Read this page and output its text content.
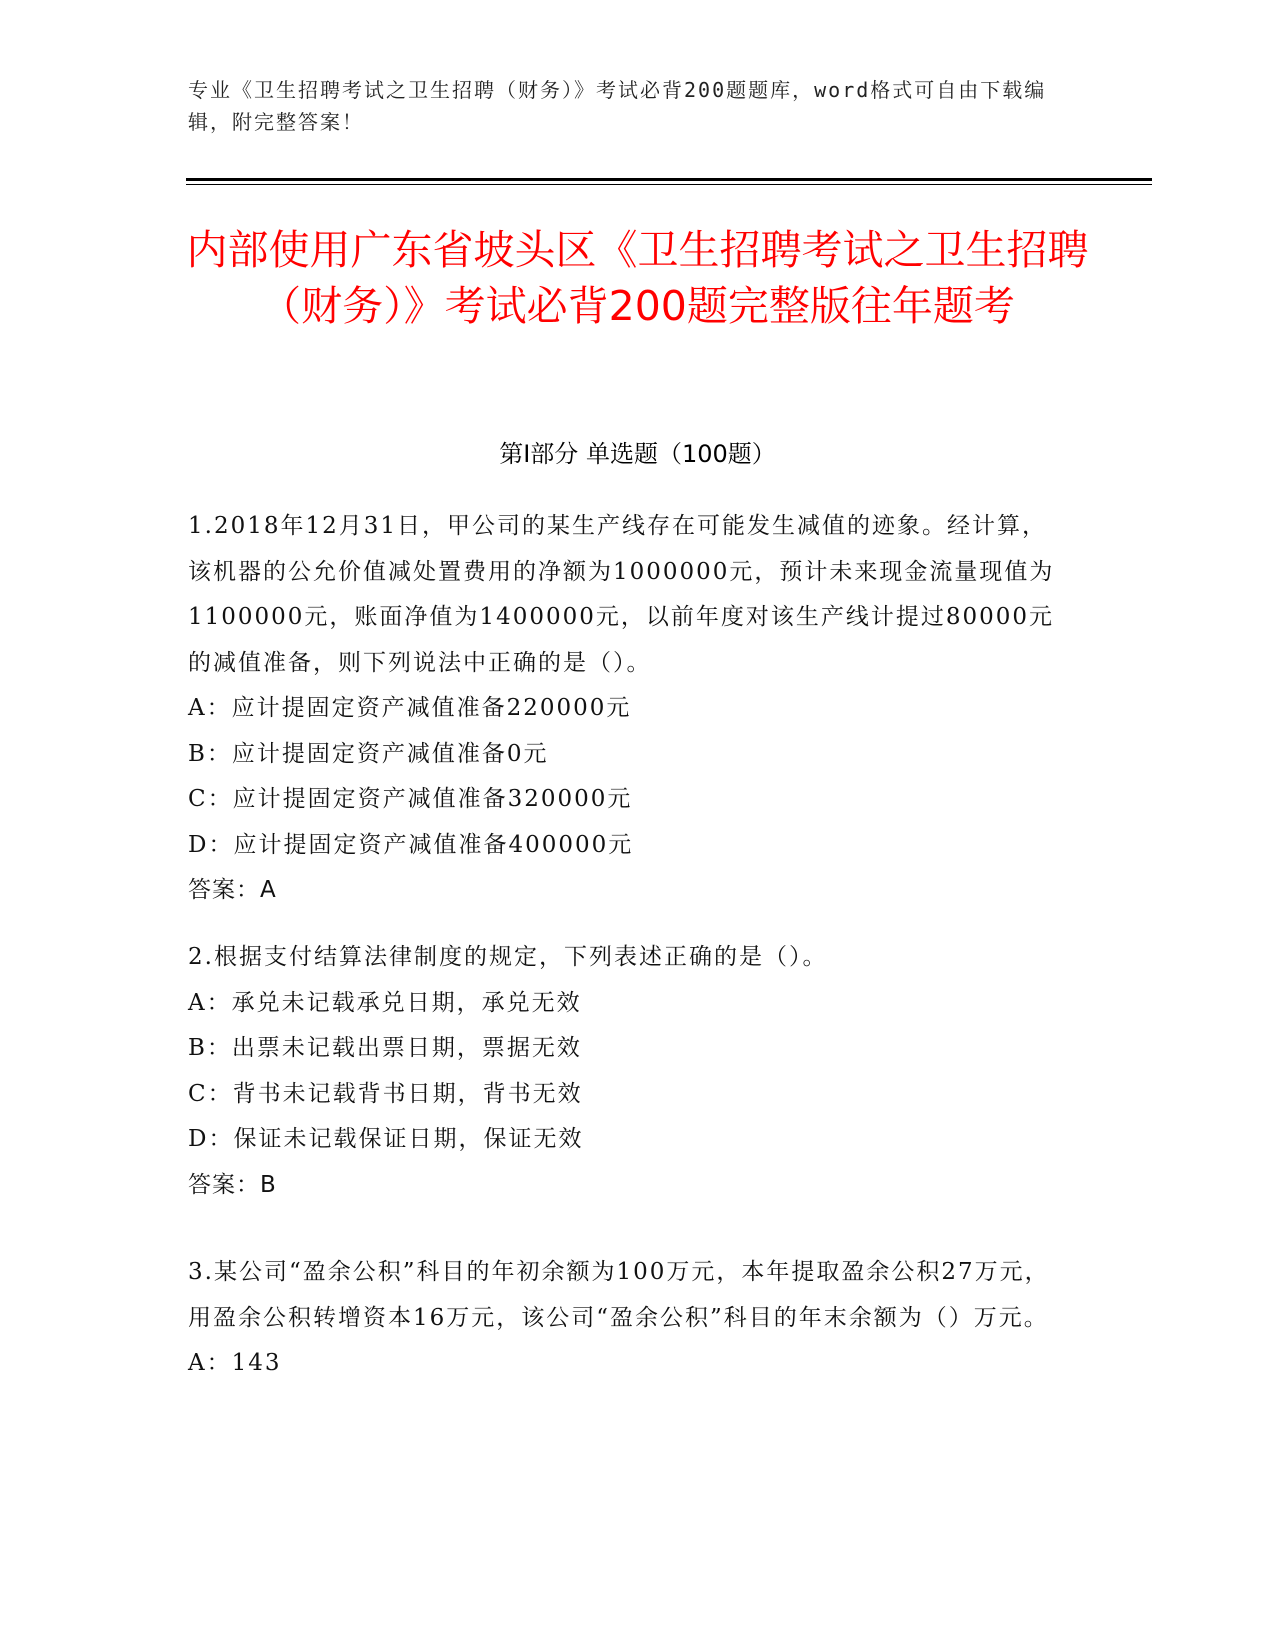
专业《卫生招聘考试之卫生招聘（财务）》考试必背200题题库，word格式可自由下载编辑，附完整答案！
内部使用广东省坡头区《卫生招聘考试之卫生招聘（财务）》考试必背200题完整版往年题考
第I部分 单选题（100题）

1.2018年12月31日，甲公司的某生产线存在可能发生减值的迹象。经计算，该机器的公允价值减处置费用的净额为1000000元，预计未来现金流量现值为1100000元，账面净值为1400000元，以前年度对该生产线计提过80000元的减值准备，则下列说法中正确的是（）。

A：应计提固定资产减值准备220000元

B：应计提固定资产减值准备0元

C：应计提固定资产减值准备320000元

D：应计提固定资产减值准备400000元

答案：A

2.根据支付结算法律制度的规定，下列表述正确的是（）。

A：承兑未记载承兑日期，承兑无效

B：出票未记载出票日期，票据无效

C：背书未记载背书日期，背书无效

D：保证未记载保证日期，保证无效

答案：B

3.某公司“盈余公积”科目的年初余额为100万元，本年提取盈余公积27万元，用盈余公积转增资本16万元，该公司“盈余公积”科目的年末余额为（）万元。

A：143
